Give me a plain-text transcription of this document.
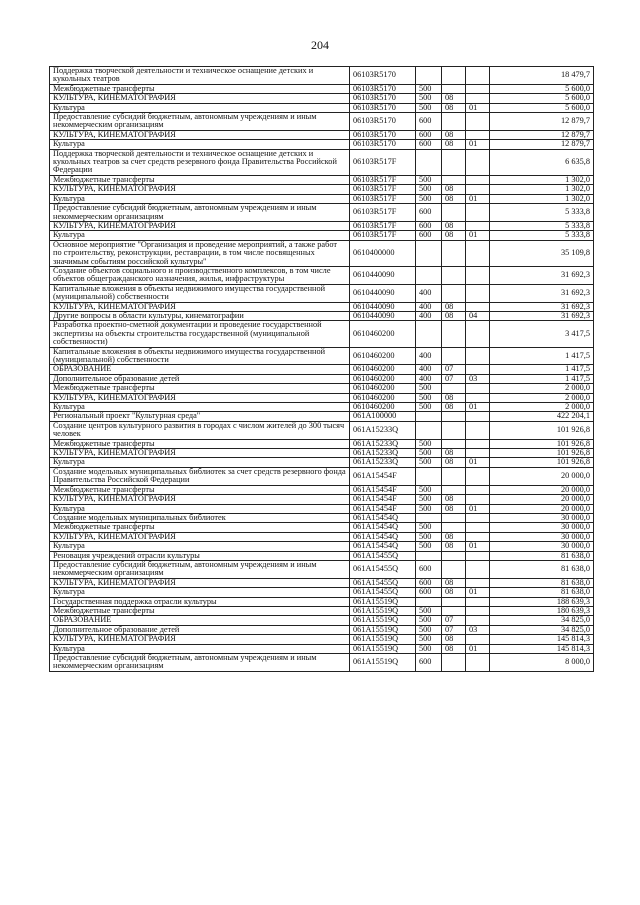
204
Поддержка творческой деятельности и техническое оснащение детских и кукольных театров	06103R5170				18 479,7
Межбюджетные трансферты	06103R5170	500			5 600,0
КУЛЬТУРА, КИНЕМАТОГРАФИЯ	06103R5170	500	08		5 600,0
Культура	06103R5170	500	08	01	5 600,0
Предоставление субсидий бюджетным, автономным учреждениям и иным некоммерческим организациям	06103R5170	600			12 879,7
КУЛЬТУРА, КИНЕМАТОГРАФИЯ	06103R5170	600	08		12 879,7
Культура	06103R5170	600	08	01	12 879,7
Поддержка творческой деятельности и техническое оснащение детских и кукольных театров за счет средств резервного фонда Правительства Российской Федерации	06103R517F				6 635,8
Межбюджетные трансферты	06103R517F	500			1 302,0
КУЛЬТУРА, КИНЕМАТОГРАФИЯ	06103R517F	500	08		1 302,0
Культура	06103R517F	500	08	01	1 302,0
Предоставление субсидий бюджетным, автономным учреждениям и иным некоммерческим организациям	06103R517F	600			5 333,8
КУЛЬТУРА, КИНЕМАТОГРАФИЯ	06103R517F	600	08		5 333,8
Культура	06103R517F	600	08	01	5 333,8
Основное мероприятие "Организация и проведение мероприятий, а также работ по строительству, реконструкции, реставрации, в том числе посвященных значимым событиям российской культуры"	0610400000				35 109,8
Создание объектов социального и производственного комплексов, в том числе объектов общегражданского назначения, жилья, инфраструктуры	0610440090				31 692,3
Капитальные вложения в объекты недвижимого имущества государственной (муниципальной) собственности	0610440090	400			31 692,3
КУЛЬТУРА, КИНЕМАТОГРАФИЯ	0610440090	400	08		31 692,3
Другие вопросы в области культуры, кинематографии	0610440090	400	08	04	31 692,3
Разработка проектно-сметной документации и проведение государственной экспертизы на объекты строительства государственной (муниципальной собственности)	0610460200				3 417,5
Капитальные вложения в объекты недвижимого имущества государственной (муниципальной) собственности	0610460200	400			1 417,5
ОБРАЗОВАНИЕ	0610460200	400	07		1 417,5
Дополнительное образование детей	0610460200	400	07	03	1 417,5
Межбюджетные трансферты	0610460200	500			2 000,0
КУЛЬТУРА, КИНЕМАТОГРАФИЯ	0610460200	500	08		2 000,0
Культура	0610460200	500	08	01	2 000,0
Региональный проект "Культурная среда"	061A100000				422 204,1
Создание центров культурного развития в городах с числом жителей до 300 тысяч человек	061A15233Q				101 926,8
Межбюджетные трансферты	061A15233Q	500			101 926,8
КУЛЬТУРА, КИНЕМАТОГРАФИЯ	061A15233Q	500	08		101 926,8
Культура	061A15233Q	500	08	01	101 926,8
Создание модельных муниципальных библиотек за счет средств резервного фонда Правительства Российской Федерации	061A15454F				20 000,0
Межбюджетные трансферты	061A15454F	500			20 000,0
КУЛЬТУРА, КИНЕМАТОГРАФИЯ	061A15454F	500	08		20 000,0
Культура	061A15454F	500	08	01	20 000,0
Создание модельных муниципальных библиотек	061A15454Q				30 000,0
Межбюджетные трансферты	061A15454Q	500			30 000,0
КУЛЬТУРА, КИНЕМАТОГРАФИЯ	061A15454Q	500	08		30 000,0
Культура	061A15454Q	500	08	01	30 000,0
Реновация учреждений отрасли культуры	061A15455Q				81 638,0
Предоставление субсидий бюджетным, автономным учреждениям и иным некоммерческим организациям	061A15455Q	600			81 638,0
КУЛЬТУРА, КИНЕМАТОГРАФИЯ	061A15455Q	600	08		81 638,0
Культура	061A15455Q	600	08	01	81 638,0
Государственная поддержка отрасли культуры	061A15519Q				188 639,3
Межбюджетные трансферты	061A15519Q	500			180 639,3
ОБРАЗОВАНИЕ	061A15519Q	500	07		34 825,0
Дополнительное образование детей	061A15519Q	500	07	03	34 825,0
КУЛЬТУРА, КИНЕМАТОГРАФИЯ	061A15519Q	500	08		145 814,3
Культура	061A15519Q	500	08	01	145 814,3
Предоставление субсидий бюджетным, автономным учреждениям и иным некоммерческим организациям	061A15519Q	600			8 000,0
